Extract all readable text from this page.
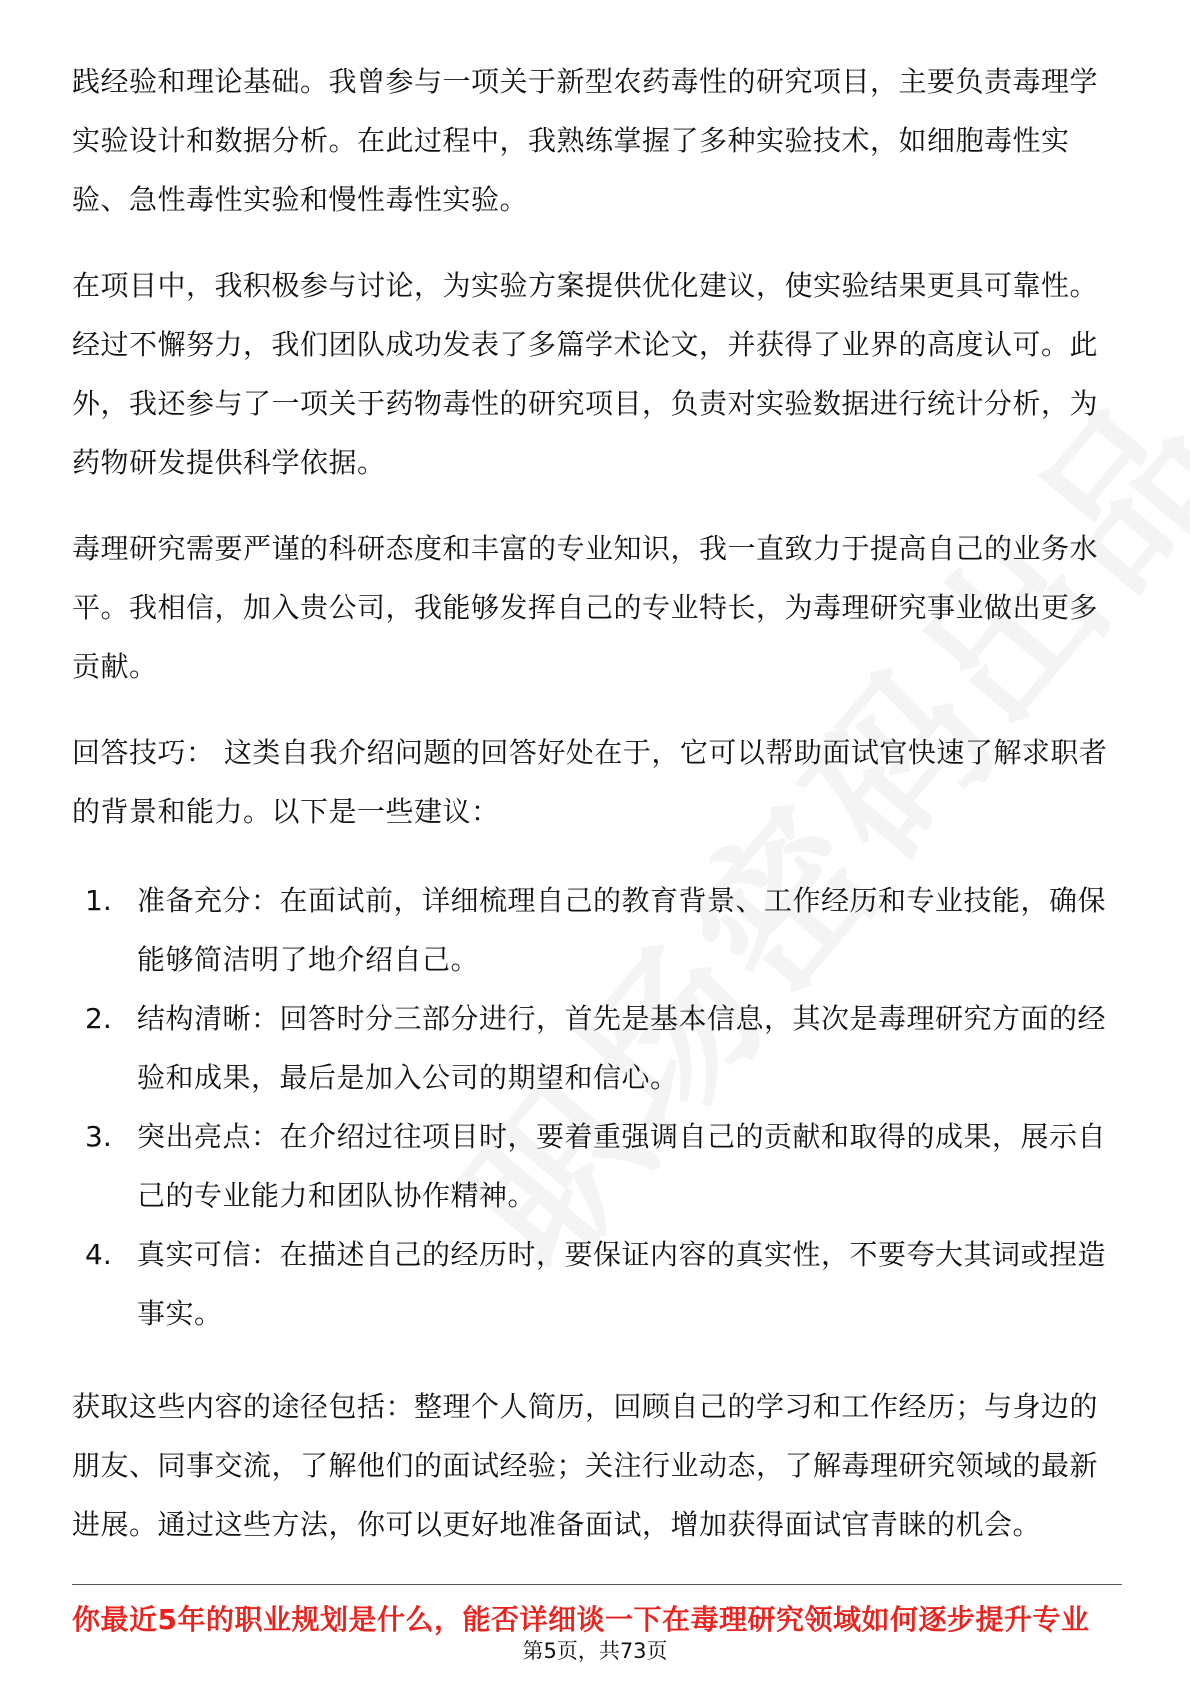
践经验和理论基础。我曾参与一项关于新型农药毒性的研究项目，主要负责毒理学实验设计和数据分析。在此过程中，我熟练掌握了多种实验技术，如细胞毒性实验、急性毒性实验和慢性毒性实验。

在项目中，我积极参与讨论，为实验方案提供优化建议，使实验结果更具可靠性。经过不懈努力，我们团队成功发表了多篇学术论文，并获得了业界的高度认可。此外，我还参与了一项关于药物毒性的研究项目，负责对实验数据进行统计分析，为药物研发提供科学依据。

毒理研究需要严谨的科研态度和丰富的专业知识，我一直致力于提高自己的业务水平。我相信，加入贵公司，我能够发挥自己的专业特长，为毒理研究事业做出更多贡献。

回答技巧： 这类自我介绍问题的回答好处在于，它可以帮助面试官快速了解求职者的背景和能力。以下是一些建议：

1. 准备充分：在面试前，详细梳理自己的教育背景、工作经历和专业技能，确保能够简洁明了地介绍自己。
2. 结构清晰：回答时分三部分进行，首先是基本信息，其次是毒理研究方面的经验和成果，最后是加入公司的期望和信心。
3. 突出亮点：在介绍过往项目时，要着重强调自己的贡献和取得的成果，展示自己的专业能力和团队协作精神。
4. 真实可信：在描述自己的经历时，要保证内容的真实性，不要夸大其词或捏造事实。

获取这些内容的途径包括：整理个人简历，回顾自己的学习和工作经历；与身边的朋友、同事交流，了解他们的面试经验；关注行业动态，了解毒理研究领域的最新进展。通过这些方法，你可以更好地准备面试，增加获得面试官青睐的机会。

你最近5年的职业规划是什么，能否详细谈一下在毒理研究领域如何逐步提升专业
第5页，共73页
